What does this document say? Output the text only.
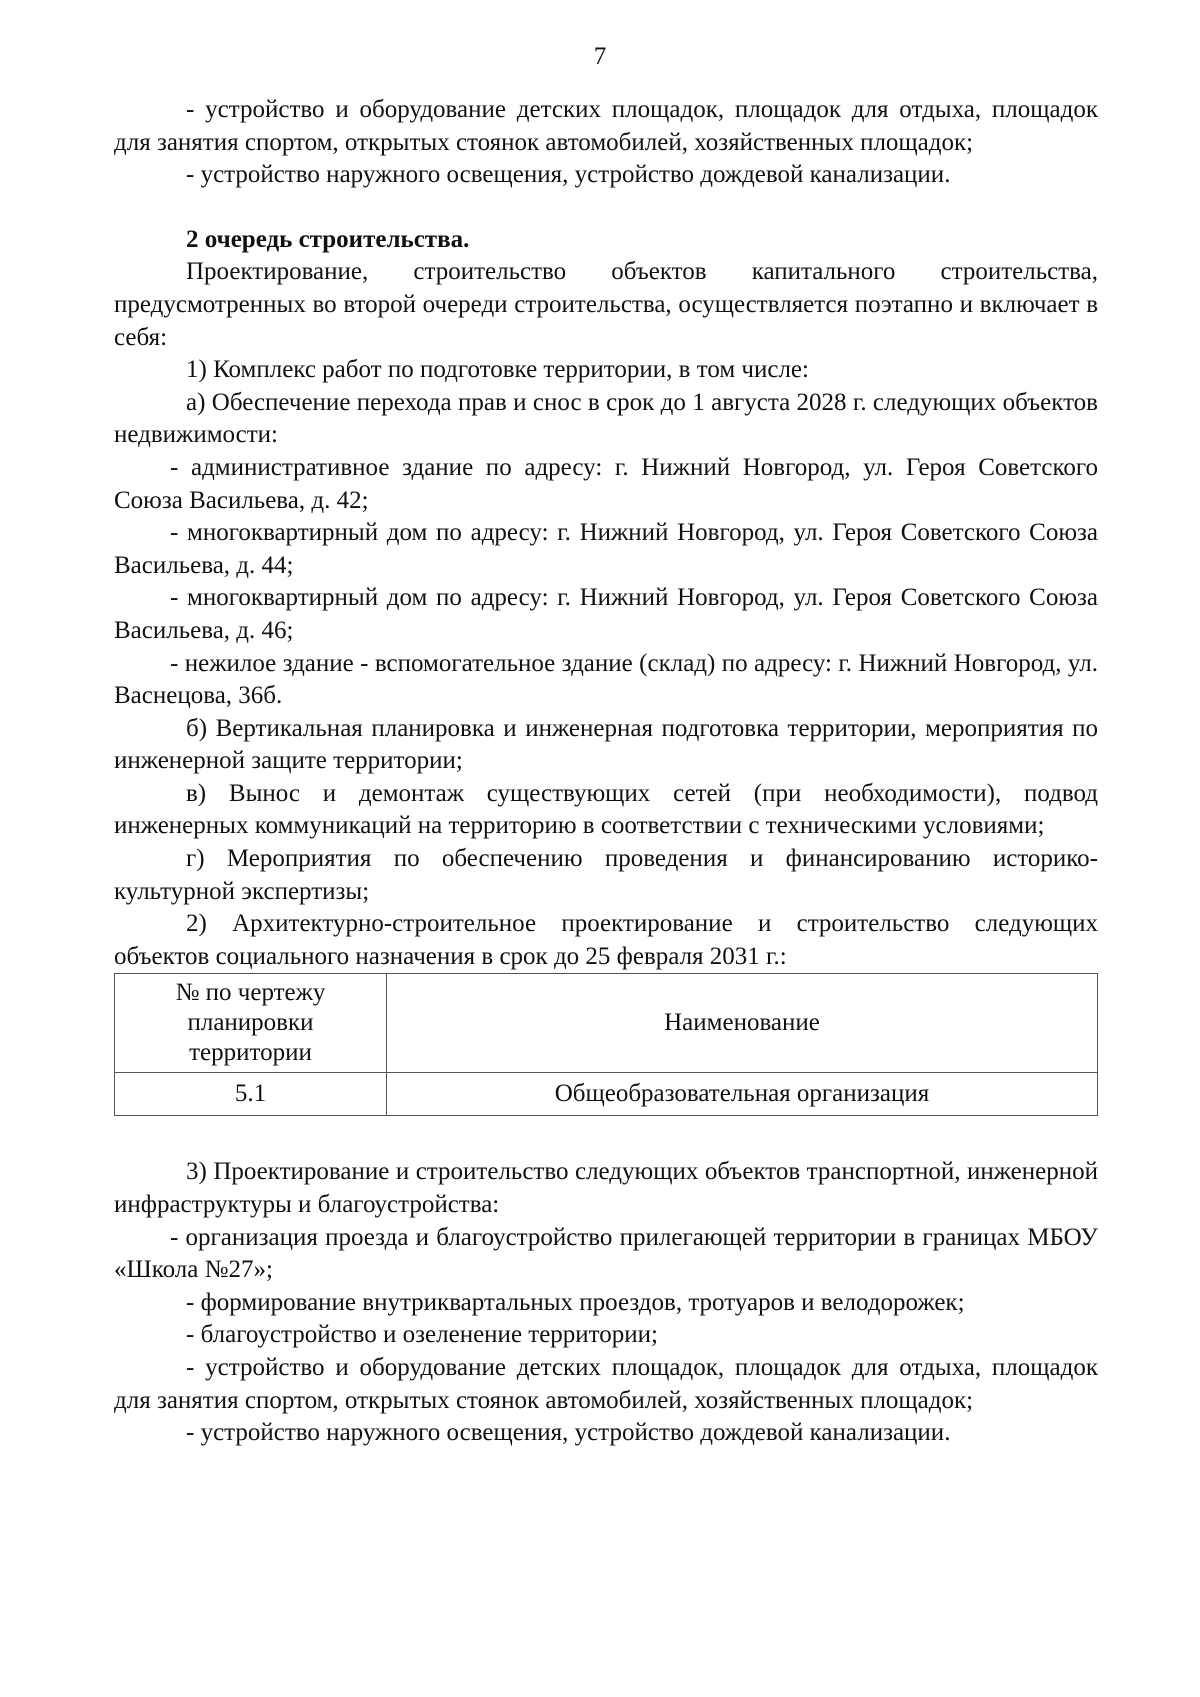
7

- устройство и оборудование детских площадок, площадок для отдыха, площадок для занятия спортом, открытых стоянок автомобилей, хозяйственных площадок;

- устройство наружного освещения, устройство дождевой канализации.

2 очередь строительства.

Проектирование, строительство объектов капитального строительства, предусмотренных во второй очереди строительства, осуществляется поэтапно и включает в себя:

1) Комплекс работ по подготовке территории, в том числе:

а) Обеспечение перехода прав и снос в срок до 1 августа 2028 г. следующих объектов недвижимости:

- административное здание по адресу: г. Нижний Новгород, ул. Героя Советского Союза Васильева, д. 42;

- многоквартирный дом по адресу: г. Нижний Новгород, ул. Героя Советского Союза Васильева, д. 44;

- многоквартирный дом по адресу: г. Нижний Новгород, ул. Героя Советского Союза Васильева, д. 46;

- нежилое здание - вспомогательное здание (склад) по адресу: г. Нижний Новгород, ул. Васнецова, 36б.

б) Вертикальная планировка и инженерная подготовка территории, мероприятия по инженерной защите территории;

в) Вынос и демонтаж существующих сетей (при необходимости), подвод инженерных коммуникаций на территорию в соответствии с техническими условиями;

г) Мероприятия по обеспечению проведения и финансированию историко-культурной экспертизы;

2) Архитектурно-строительное проектирование и строительство следующих объектов социального назначения в срок до 25 февраля 2031 г.:

№ по чертежу планировки территории	Наименование
5.1	Общеобразовательная организация

3) Проектирование и строительство следующих объектов транспортной, инженерной инфраструктуры и благоустройства:

- организация проезда и благоустройство прилегающей территории в границах МБОУ «Школа №27»;

- формирование внутриквартальных проездов, тротуаров и велодорожек;

- благоустройство и озеленение территории;

- устройство и оборудование детских площадок, площадок для отдыха, площадок для занятия спортом, открытых стоянок автомобилей, хозяйственных площадок;

- устройство наружного освещения, устройство дождевой канализации.
